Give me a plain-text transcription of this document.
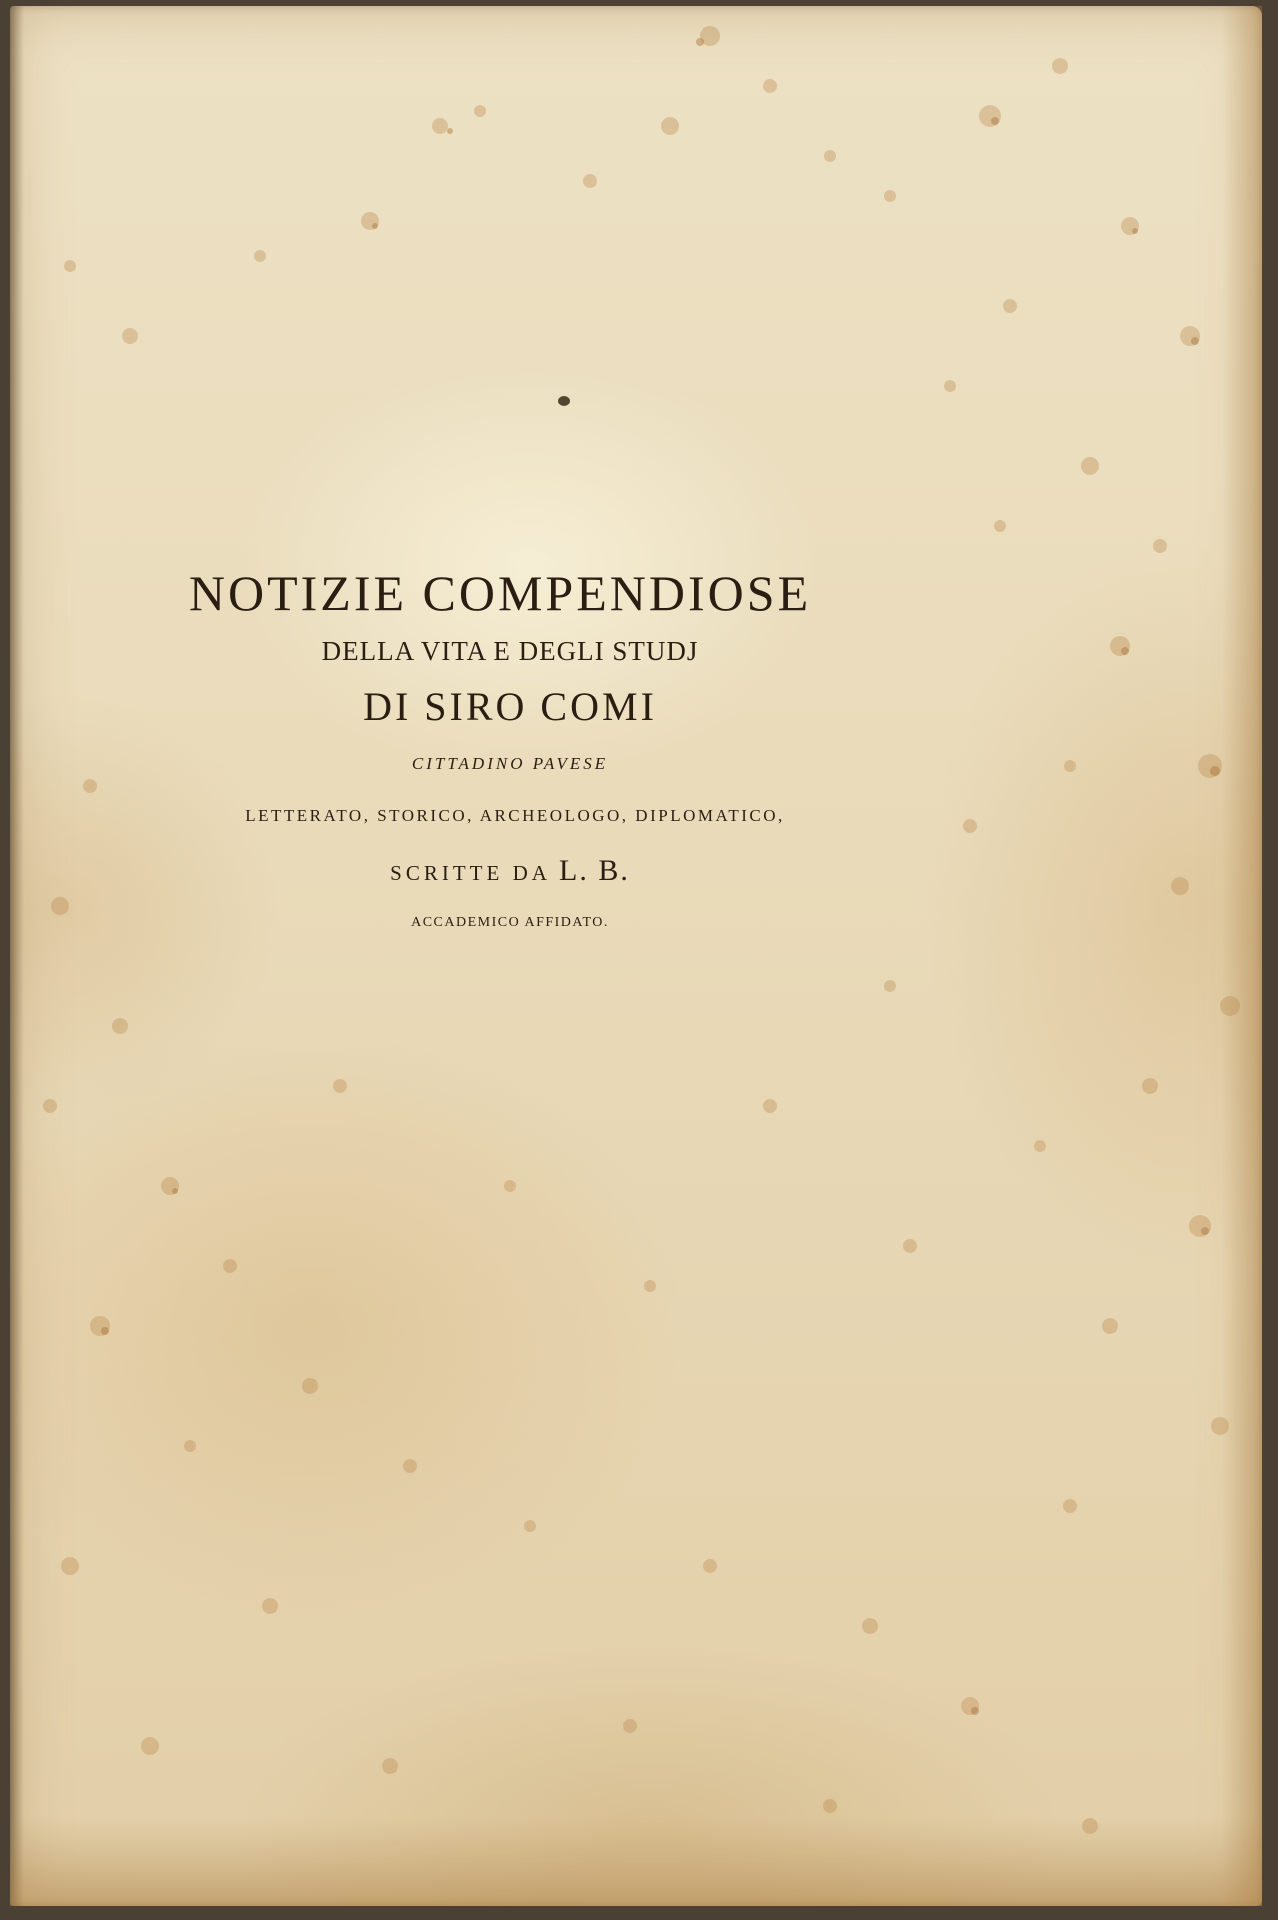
NOTIZIE COMPENDIOSE
DELLA VITA E DEGLI STUDJ
DI SIRO COMI
CITTADINO PAVESE
LETTERATO, STORICO, ARCHEOLOGO, DIPLOMATICO,
SCRITTE DA L. B.
ACCADEMICO AFFIDATO.
